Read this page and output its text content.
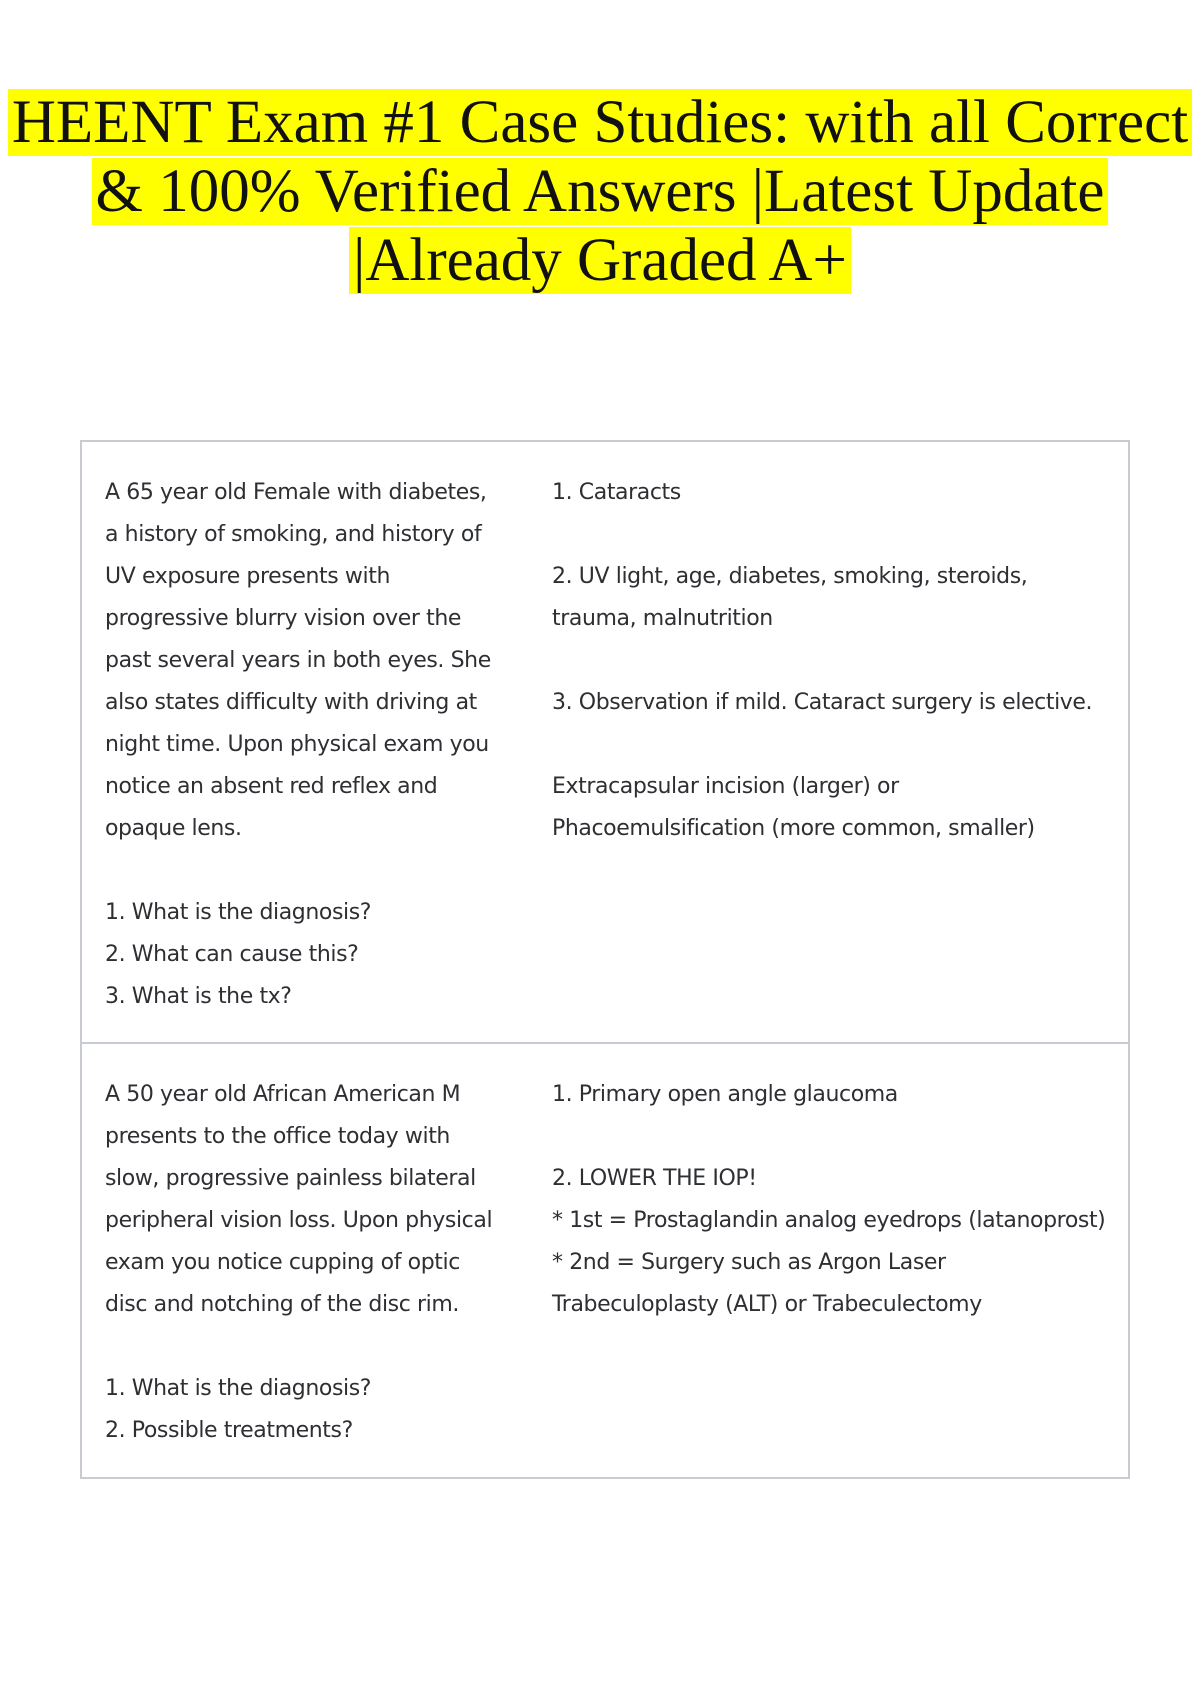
HEENT Exam #1 Case Studies: with all Correct
& 100% Verified Answers |Latest Update
|Already Graded A+
A 65 year old Female with diabetes,
a history of smoking, and history of
UV exposure presents with
progressive blurry vision over the
past several years in both eyes. She
also states difficulty with driving at
night time. Upon physical exam you
notice an absent red reflex and
opaque lens.
1. What is the diagnosis?
2. What can cause this?
3. What is the tx?
1. Cataracts
2. UV light, age, diabetes, smoking, steroids,
trauma, malnutrition
3. Observation if mild. Cataract surgery is elective.
Extracapsular incision (larger) or
Phacoemulsification (more common, smaller)
A 50 year old African American M
presents to the office today with
slow, progressive painless bilateral
peripheral vision loss. Upon physical
exam you notice cupping of optic
disc and notching of the disc rim.
1. What is the diagnosis?
2. Possible treatments?
1. Primary open angle glaucoma
2. LOWER THE IOP!
* 1st = Prostaglandin analog eyedrops (latanoprost)
* 2nd = Surgery such as Argon Laser
Trabeculoplasty (ALT) or Trabeculectomy
